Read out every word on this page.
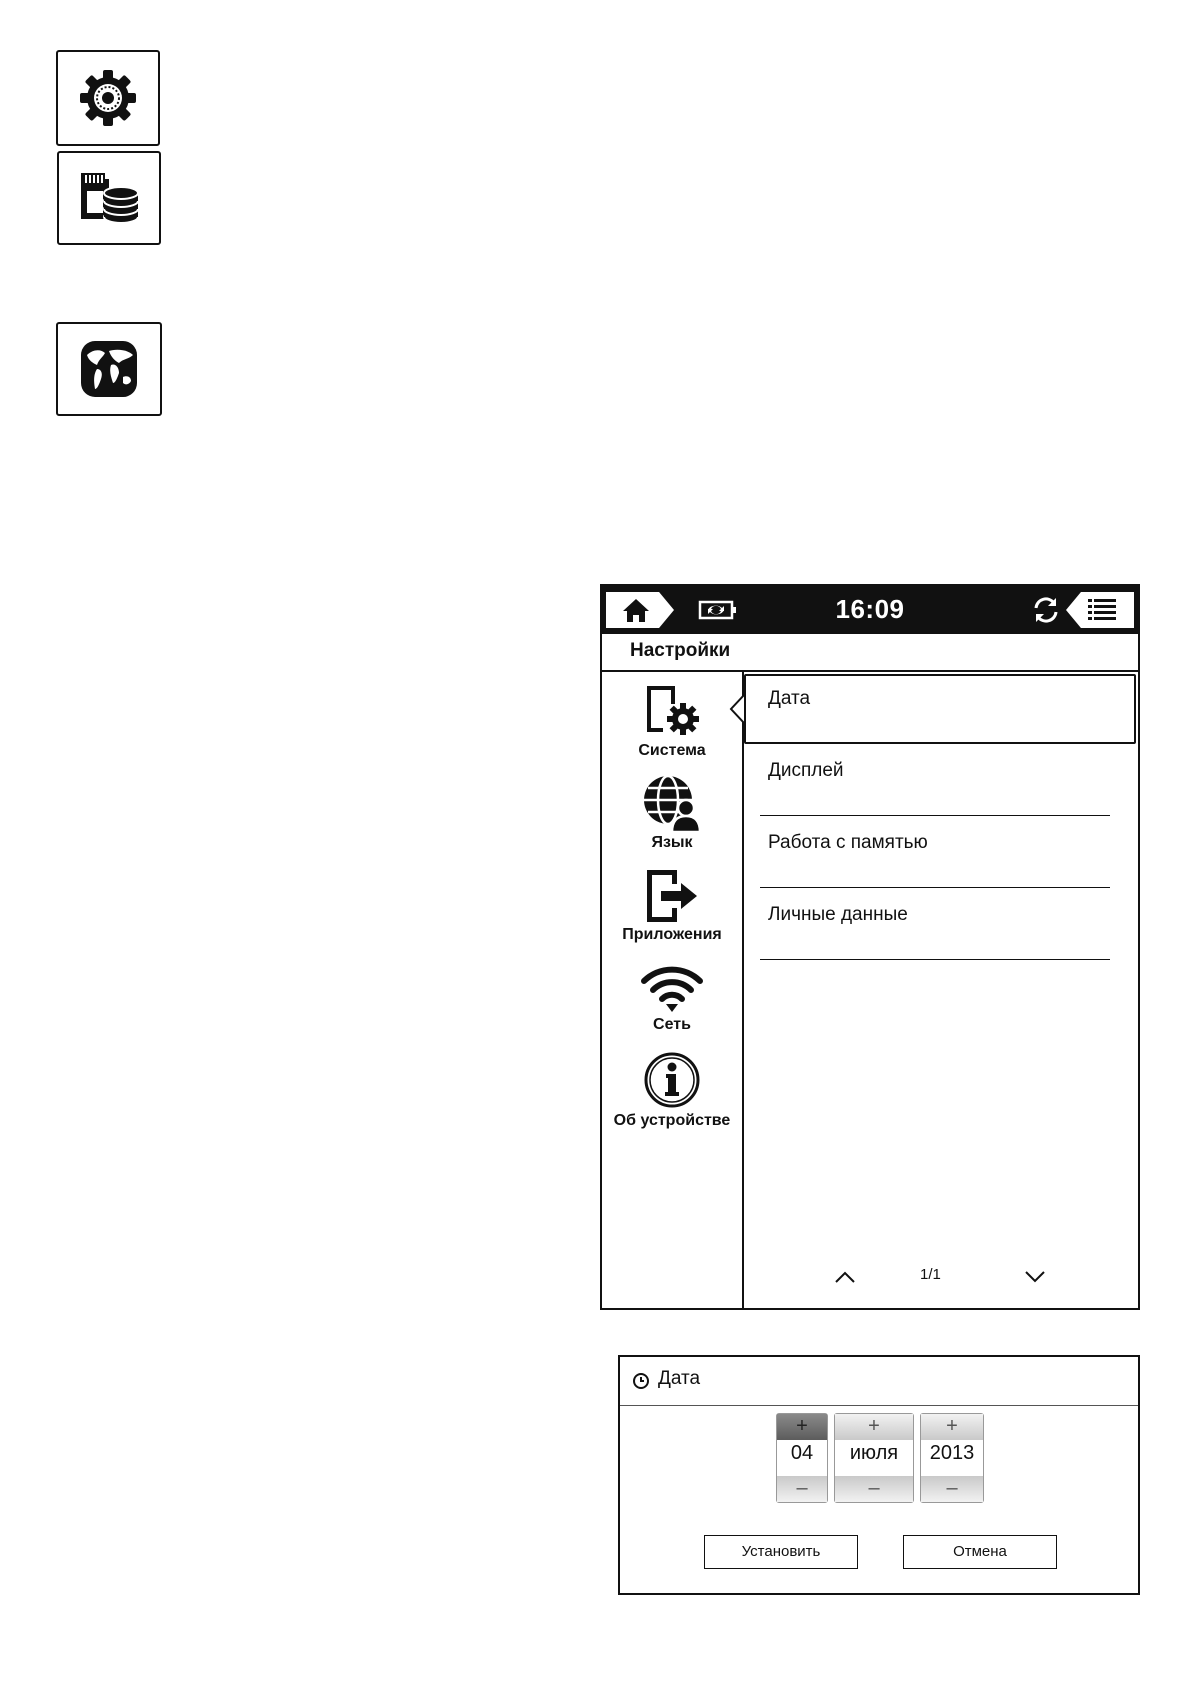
16:09
Настройки
Система
Язык
Приложения
Сеть
Об устройстве
Дата
Дисплей
Работа с памятью
Личные данные
1/1
Дата
+
04
–
+
июля
–
+
2013
–
Установить	Отмена
